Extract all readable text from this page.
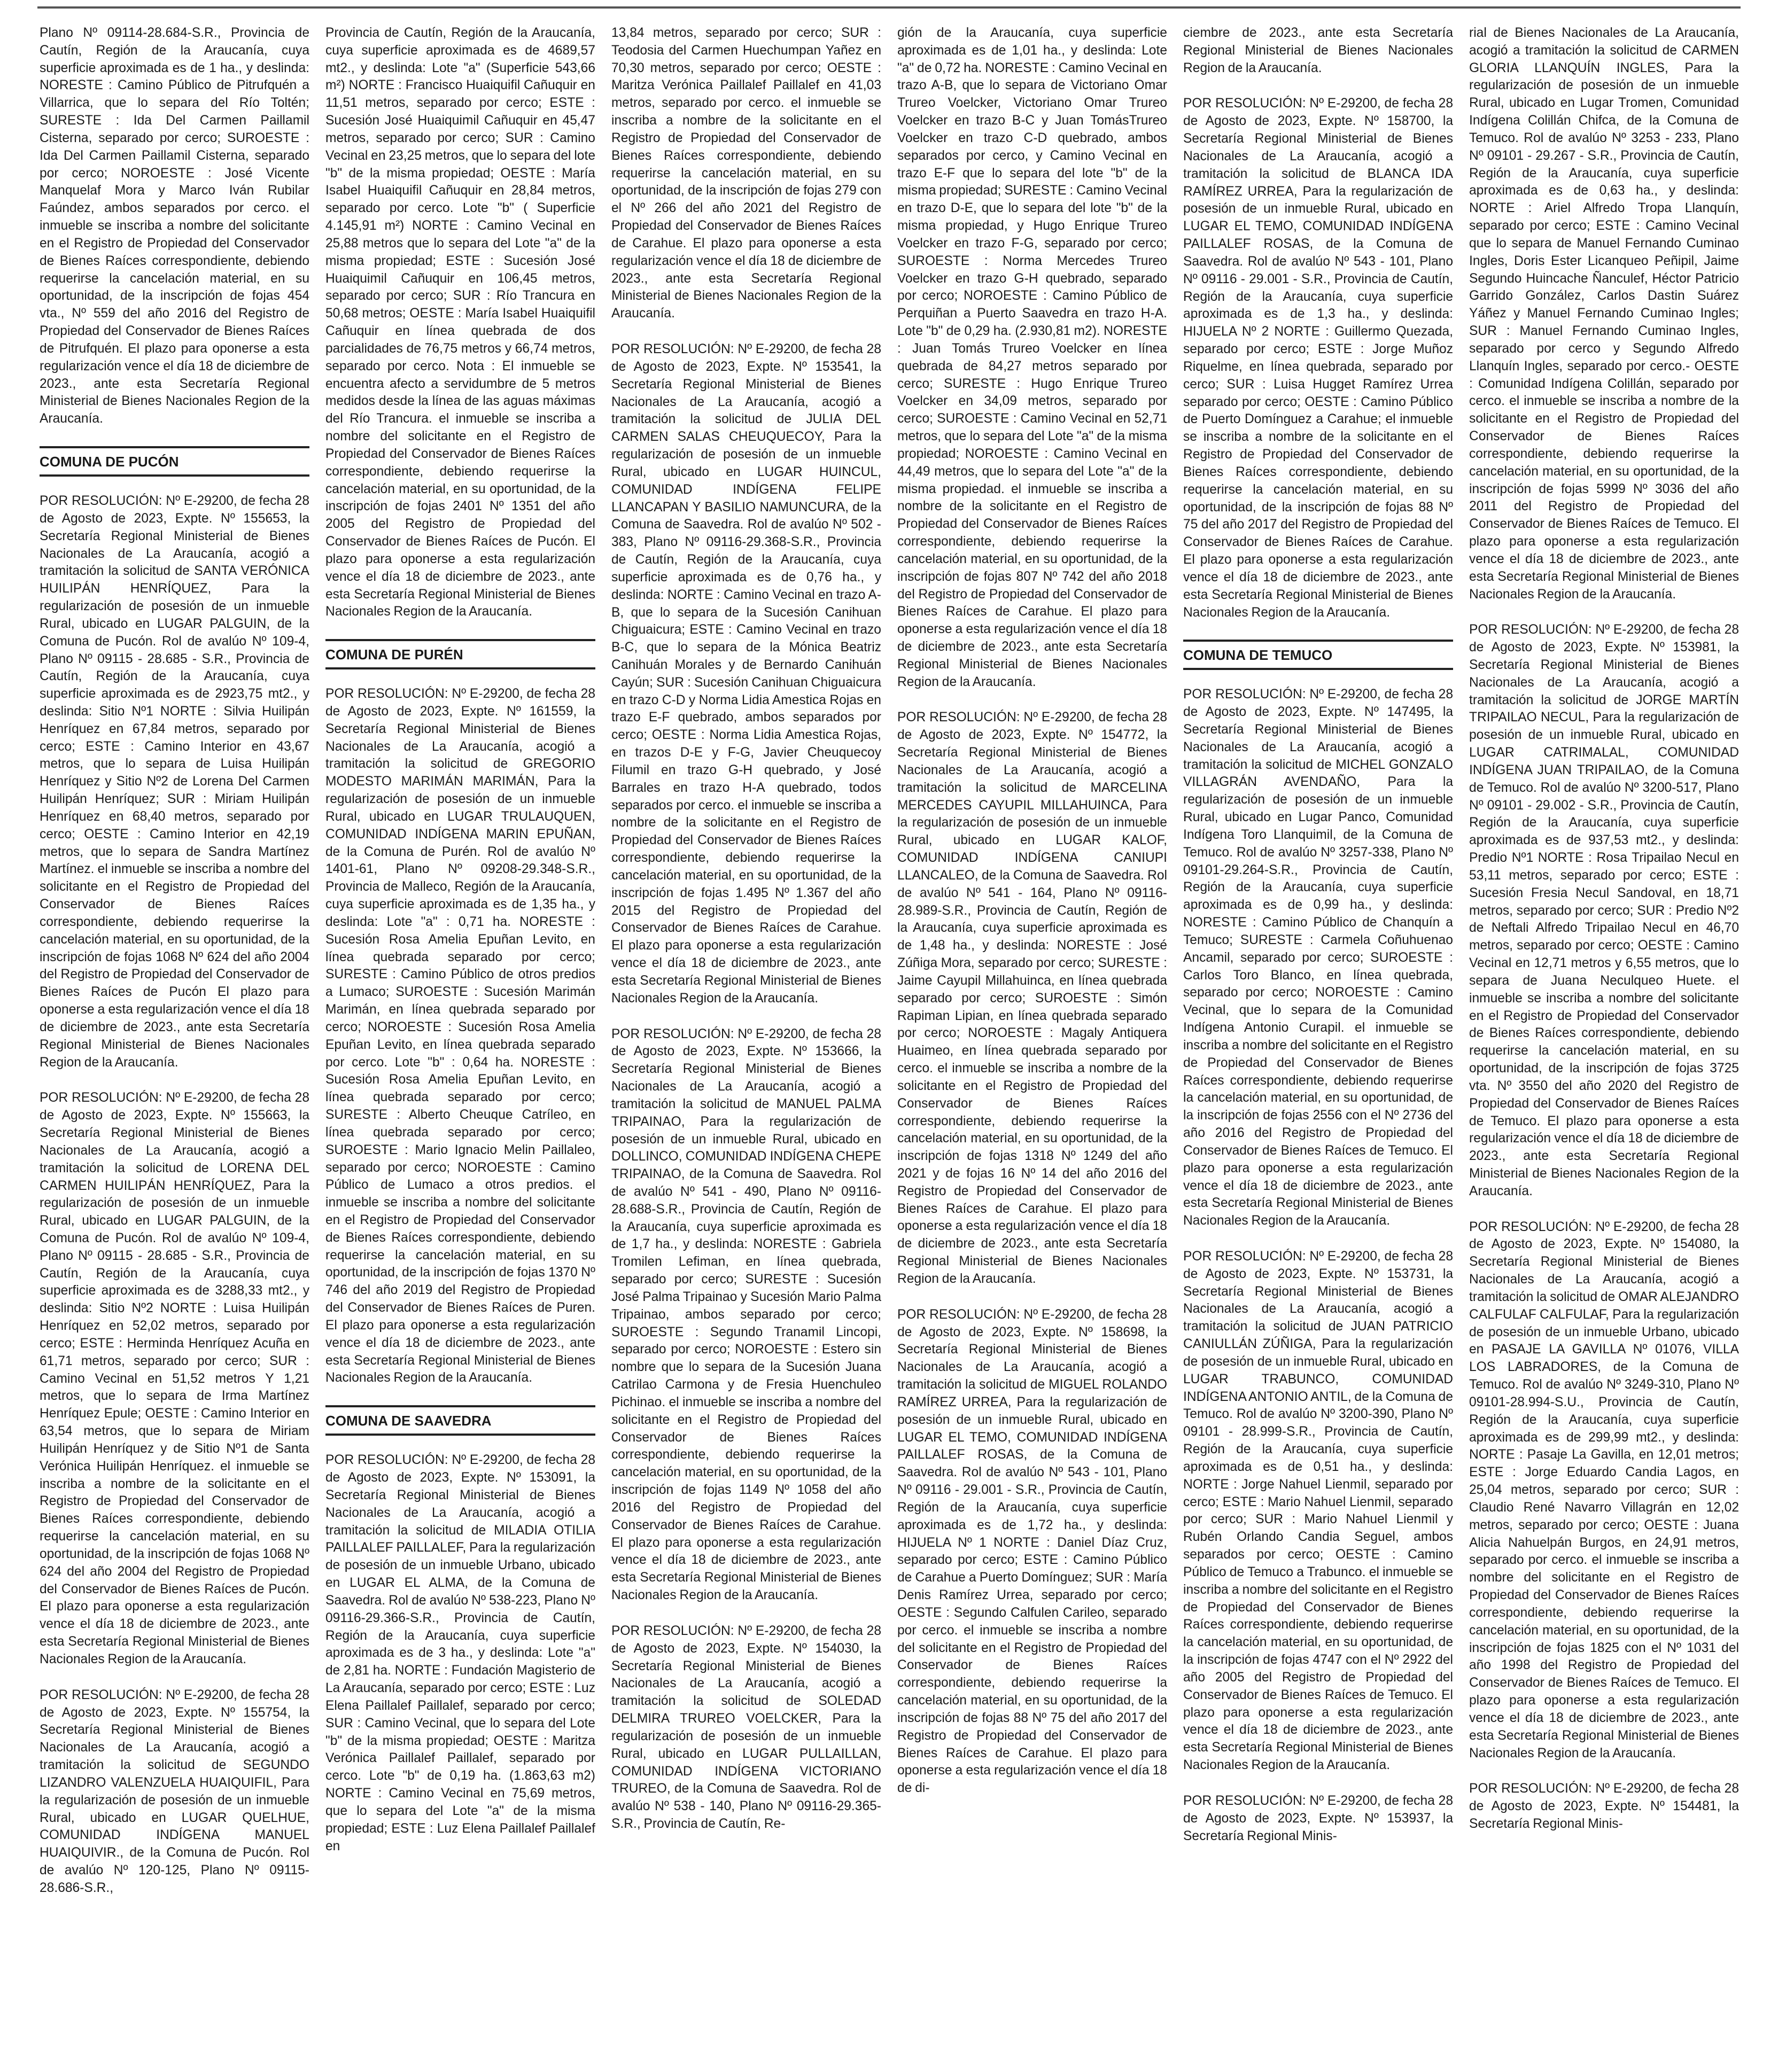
Plano Nº 09114-28.684-S.R., Provincia de Cautín, Región de la Araucanía, cuya superficie aproximada es de 1 ha., y deslinda: NORESTE : Camino Público de Pitrufquén a Villarrica, que lo separa del Río Toltén; SURESTE : Ida Del Carmen Paillamil Cisterna, separado por cerco; SUROESTE : Ida Del Carmen Paillamil Cisterna, separado por cerco; NOROESTE : José Vicente Manquelaf Mora y Marco Iván Rubilar Faúndez, ambos separados por cerco. el inmueble se inscriba a nombre del solicitante en el Registro de Propiedad del Conservador de Bienes Raíces correspondiente, debiendo requerirse la cancelación material, en su oportunidad, de la inscripción de fojas 454 vta., Nº 559 del año 2016 del Registro de Propiedad del Conservador de Bienes Raíces de Pitrufquén. El plazo para oponerse a esta regularización vence el día 18 de diciembre de 2023., ante esta Secretaría Regional Ministerial de Bienes Nacionales Region de la Araucanía.

COMUNA DE PUCÓN

POR RESOLUCIÓN: Nº E-29200, de fecha 28 de Agosto de 2023, Expte. Nº 155653, la Secretaría Regional Ministerial de Bienes Nacionales de La Araucanía, acogió a tramitación la solicitud de SANTA VERÓNICA HUILIPÁN HENRÍQUEZ, Para la regularización de posesión de un inmueble Rural, ubicado en LUGAR PALGUIN, de la Comuna de Pucón. Rol de avalúo Nº 109-4, Plano Nº 09115 - 28.685 - S.R., Provincia de Cautín, Región de la Araucanía, cuya superficie aproximada es de 2923,75 mt2., y deslinda: Sitio Nº1 NORTE : Silvia Huilipán Henríquez en 67,84 metros, separado por cerco; ESTE : Camino Interior en 43,67 metros, que lo separa de Luisa Huilipán Henríquez y Sitio Nº2 de Lorena Del Carmen Huilipán Henríquez; SUR : Miriam Huilipán Henríquez en 68,40 metros, separado por cerco; OESTE : Camino Interior en 42,19 metros, que lo separa de Sandra Martínez Martínez. el inmueble se inscriba a nombre del solicitante en el Registro de Propiedad del Conservador de Bienes Raíces correspondiente, debiendo requerirse la cancelación material, en su oportunidad, de la inscripción de fojas 1068 Nº 624 del año 2004 del Registro de Propiedad del Conservador de Bienes Raíces de Pucón El plazo para oponerse a esta regularización vence el día 18 de diciembre de 2023., ante esta Secretaría Regional Ministerial de Bienes Nacionales Region de la Araucanía.

POR RESOLUCIÓN: Nº E-29200, de fecha 28 de Agosto de 2023, Expte. Nº 155663, la Secretaría Regional Ministerial de Bienes Nacionales de La Araucanía, acogió a tramitación la solicitud de LORENA DEL CARMEN HUILIPÁN HENRÍQUEZ, Para la regularización de posesión de un inmueble Rural, ubicado en LUGAR PALGUIN, de la Comuna de Pucón. Rol de avalúo Nº 109-4, Plano Nº 09115 - 28.685 - S.R., Provincia de Cautín, Región de la Araucanía, cuya superficie aproximada es de 3288,33 mt2., y deslinda: Sitio Nº2 NORTE : Luisa Huilipán Henríquez en 52,02 metros, separado por cerco; ESTE : Herminda Henríquez Acuña en 61,71 metros, separado por cerco; SUR : Camino Vecinal en 51,52 metros Y 1,21 metros, que lo separa de Irma Martínez Henríquez Epule; OESTE : Camino Interior en 63,54 metros, que lo separa de Miriam Huilipán Henríquez y de Sitio Nº1 de Santa Verónica Huilipán Henríquez. el inmueble se inscriba a nombre de la solicitante en el Registro de Propiedad del Conservador de Bienes Raíces correspondiente, debiendo requerirse la cancelación material, en su oportunidad, de la inscripción de fojas 1068 Nº 624 del año 2004 del Registro de Propiedad del Conservador de Bienes Raíces de Pucón. El plazo para oponerse a esta regularización vence el día 18 de diciembre de 2023., ante esta Secretaría Regional Ministerial de Bienes Nacionales Region de la Araucanía.

POR RESOLUCIÓN: Nº E-29200, de fecha 28 de Agosto de 2023, Expte. Nº 155754, la Secretaría Regional Ministerial de Bienes Nacionales de La Araucanía, acogió a tramitación la solicitud de SEGUNDO LIZANDRO VALENZUELA HUAIQUIFIL, Para la regularización de posesión de un inmueble Rural, ubicado en LUGAR QUELHUE, COMUNIDAD INDÍGENA MANUEL HUAIQUIVIR., de la Comuna de Pucón. Rol de avalúo Nº 120-125, Plano Nº 09115- 28.686-S.R.,

Provincia de Cautín, Región de la Araucanía, cuya superficie aproximada es de 4689,57 mt2., y deslinda: Lote "a" (Superficie 543,66 m²) NORTE : Francisco Huaiquifil Cañuquir en 11,51 metros, separado por cerco; ESTE : Sucesión José Huaiquimil Cañuquir en 45,47 metros, separado por cerco; SUR : Camino Vecinal en 23,25 metros, que lo separa del lote "b" de la misma propiedad; OESTE : María Isabel Huaiquifil Cañuquir en 28,84 metros, separado por cerco. Lote "b" ( Superficie 4.145,91 m²) NORTE : Camino Vecinal en 25,88 metros que lo separa del Lote "a" de la misma propiedad; ESTE : Sucesión José Huaiquimil Cañuquir en 106,45 metros, separado por cerco; SUR : Río Trancura en 50,68 metros; OESTE : María Isabel Huaiquifil Cañuquir en línea quebrada de dos parcialidades de 76,75 metros y 66,74 metros, separado por cerco. Nota : El inmueble se encuentra afecto a servidumbre de 5 metros medidos desde la línea de las aguas máximas del Río Trancura. el inmueble se inscriba a nombre del solicitante en el Registro de Propiedad del Conservador de Bienes Raíces correspondiente, debiendo requerirse la cancelación material, en su oportunidad, de la inscripción de fojas 2401 Nº 1351 del año 2005 del Registro de Propiedad del Conservador de Bienes Raíces de Pucón. El plazo para oponerse a esta regularización vence el día 18 de diciembre de 2023., ante esta Secretaría Regional Ministerial de Bienes Nacionales Region de la Araucanía.

COMUNA DE PURÉN

POR RESOLUCIÓN: Nº E-29200, de fecha 28 de Agosto de 2023, Expte. Nº 161559, la Secretaría Regional Ministerial de Bienes Nacionales de La Araucanía, acogió a tramitación la solicitud de GREGORIO MODESTO MARIMÁN MARIMÁN, Para la regularización de posesión de un inmueble Rural, ubicado en LUGAR TRULAUQUEN, COMUNIDAD INDÍGENA MARIN EPUÑAN, de la Comuna de Purén. Rol de avalúo Nº 1401-61, Plano Nº 09208-29.348-S.R., Provincia de Malleco, Región de la Araucanía, cuya superficie aproximada es de 1,35 ha., y deslinda: Lote "a" : 0,71 ha. NORESTE : Sucesión Rosa Amelia Epuñan Levito, en línea quebrada separado por cerco; SURESTE : Camino Público de otros predios a Lumaco; SUROESTE : Sucesión Marimán Marimán, en línea quebrada separado por cerco; NOROESTE : Sucesión Rosa Amelia Epuñan Levito, en línea quebrada separado por cerco. Lote "b" : 0,64 ha. NORESTE : Sucesión Rosa Amelia Epuñan Levito, en línea quebrada separado por cerco; SURESTE : Alberto Cheuque Catríleo, en línea quebrada separado por cerco; SUROESTE : Mario Ignacio Melin Paillaleo, separado por cerco; NOROESTE : Camino Público de Lumaco a otros predios. el inmueble se inscriba a nombre del solicitante en el Registro de Propiedad del Conservador de Bienes Raíces correspondiente, debiendo requerirse la cancelación material, en su oportunidad, de la inscripción de fojas 1370 Nº 746 del año 2019 del Registro de Propiedad del Conservador de Bienes Raíces de Puren. El plazo para oponerse a esta regularización vence el día 18 de diciembre de 2023., ante esta Secretaría Regional Ministerial de Bienes Nacionales Region de la Araucanía.

COMUNA DE SAAVEDRA

POR RESOLUCIÓN: Nº E-29200, de fecha 28 de Agosto de 2023, Expte. Nº 153091, la Secretaría Regional Ministerial de Bienes Nacionales de La Araucanía, acogió a tramitación la solicitud de MILADIA OTILIA PAILLALEF PAILLALEF, Para la regularización de posesión de un inmueble Urbano, ubicado en LUGAR EL ALMA, de la Comuna de Saavedra. Rol de avalúo Nº 538-223, Plano Nº 09116-29.366-S.R., Provincia de Cautín, Región de la Araucanía, cuya superficie aproximada es de 3 ha., y deslinda: Lote "a" de 2,81 ha. NORTE : Fundación Magisterio de La Araucanía, separado por cerco; ESTE : Luz Elena Paillalef Paillalef, separado por cerco; SUR : Camino Vecinal, que lo separa del Lote "b" de la misma propiedad; OESTE : Maritza Verónica Paillalef Paillalef, separado por cerco. Lote "b" de 0,19 ha. (1.863,63 m2) NORTE : Camino Vecinal en 75,69 metros, que lo separa del Lote "a" de la misma propiedad; ESTE : Luz Elena Paillalef Paillalef en

13,84 metros, separado por cerco; SUR : Teodosia del Carmen Huechumpan Yañez en 70,30 metros, separado por cerco; OESTE : Maritza Verónica Paillalef Paillalef en 41,03 metros, separado por cerco. el inmueble se inscriba a nombre de la solicitante en el Registro de Propiedad del Conservador de Bienes Raíces correspondiente, debiendo requerirse la cancelación material, en su oportunidad, de la inscripción de fojas 279 con el Nº 266 del año 2021 del Registro de Propiedad del Conservador de Bienes Raíces de Carahue. El plazo para oponerse a esta regularización vence el día 18 de diciembre de 2023., ante esta Secretaría Regional Ministerial de Bienes Nacionales Region de la Araucanía.

POR RESOLUCIÓN: Nº E-29200, de fecha 28 de Agosto de 2023, Expte. Nº 153541, la Secretaría Regional Ministerial de Bienes Nacionales de La Araucanía, acogió a tramitación la solicitud de JULIA DEL CARMEN SALAS CHEUQUECOY, Para la regularización de posesión de un inmueble Rural, ubicado en LUGAR HUINCUL, COMUNIDAD INDÍGENA FELIPE LLANCAPAN Y BASILIO NAMUNCURA, de la Comuna de Saavedra. Rol de avalúo Nº 502 - 383, Plano Nº 09116-29.368-S.R., Provincia de Cautín, Región de la Araucanía, cuya superficie aproximada es de 0,76 ha., y deslinda: NORTE : Camino Vecinal en trazo A-B, que lo separa de la Sucesión Canihuan Chiguaicura; ESTE : Camino Vecinal en trazo B-C, que lo separa de la Mónica Beatriz Canihuán Morales y de Bernardo Canihuán Cayún; SUR : Sucesión Canihuan Chiguaicura en trazo C-D y Norma Lidia Amestica Rojas en trazo E-F quebrado, ambos separados por cerco; OESTE : Norma Lidia Amestica Rojas, en trazos D-E y F-G, Javier Cheuquecoy Filumil en trazo G-H quebrado, y José Barrales en trazo H-A quebrado, todos separados por cerco. el inmueble se inscriba a nombre de la solicitante en el Registro de Propiedad del Conservador de Bienes Raíces correspondiente, debiendo requerirse la cancelación material, en su oportunidad, de la inscripción de fojas 1.495 Nº 1.367 del año 2015 del Registro de Propiedad del Conservador de Bienes Raíces de Carahue. El plazo para oponerse a esta regularización vence el día 18 de diciembre de 2023., ante esta Secretaría Regional Ministerial de Bienes Nacionales Region de la Araucanía.

POR RESOLUCIÓN: Nº E-29200, de fecha 28 de Agosto de 2023, Expte. Nº 153666, la Secretaría Regional Ministerial de Bienes Nacionales de La Araucanía, acogió a tramitación la solicitud de MANUEL PALMA TRIPAINAO, Para la regularización de posesión de un inmueble Rural, ubicado en DOLLINCO, COMUNIDAD INDÍGENA CHEPE TRIPAINAO, de la Comuna de Saavedra. Rol de avalúo Nº 541 - 490, Plano Nº 09116-28.688-S.R., Provincia de Cautín, Región de la Araucanía, cuya superficie aproximada es de 1,7 ha., y deslinda: NORESTE : Gabriela Tromilen Lefiman, en línea quebrada, separado por cerco; SURESTE : Sucesión José Palma Tripainao y Sucesión Mario Palma Tripainao, ambos separado por cerco; SUROESTE : Segundo Tranamil Lincopi, separado por cerco; NOROESTE : Estero sin nombre que lo separa de la Sucesión Juana Catrilao Carmona y de Fresia Huenchuleo Pichinao. el inmueble se inscriba a nombre del solicitante en el Registro de Propiedad del Conservador de Bienes Raíces correspondiente, debiendo requerirse la cancelación material, en su oportunidad, de la inscripción de fojas 1149 Nº 1058 del año 2016 del Registro de Propiedad del Conservador de Bienes Raíces de Carahue. El plazo para oponerse a esta regularización vence el día 18 de diciembre de 2023., ante esta Secretaría Regional Ministerial de Bienes Nacionales Region de la Araucanía.

POR RESOLUCIÓN: Nº E-29200, de fecha 28 de Agosto de 2023, Expte. Nº 154030, la Secretaría Regional Ministerial de Bienes Nacionales de La Araucanía, acogió a tramitación la solicitud de SOLEDAD DELMIRA TRUREO VOELCKER, Para la regularización de posesión de un inmueble Rural, ubicado en LUGAR PULLAILLAN, COMUNIDAD INDÍGENA VICTORIANO TRUREO, de la Comuna de Saavedra. Rol de avalúo Nº 538 - 140, Plano Nº 09116-29.365-S.R., Provincia de Cautín, Re-

gión de la Araucanía, cuya superficie aproximada es de 1,01 ha., y deslinda: Lote "a" de 0,72 ha. NORESTE : Camino Vecinal en trazo A-B, que lo separa de Victoriano Omar Trureo Voelcker, Victoriano Omar Trureo Voelcker en trazo B-C y Juan TomásTrureo Voelcker en trazo C-D quebrado, ambos separados por cerco, y Camino Vecinal en trazo E-F que lo separa del lote "b" de la misma propiedad; SURESTE : Camino Vecinal en trazo D-E, que lo separa del lote "b" de la misma propiedad, y Hugo Enrique Trureo Voelcker en trazo F-G, separado por cerco; SUROESTE : Norma Mercedes Trureo Voelcker en trazo G-H quebrado, separado por cerco; NOROESTE : Camino Público de Perquiñan a Puerto Saavedra en trazo H-A. Lote "b" de 0,29 ha. (2.930,81 m2). NORESTE : Juan Tomás Trureo Voelcker en línea quebrada de 84,27 metros separado por cerco; SURESTE : Hugo Enrique Trureo Voelcker en 34,09 metros, separado por cerco; SUROESTE : Camino Vecinal en 52,71 metros, que lo separa del Lote "a" de la misma propiedad; NOROESTE : Camino Vecinal en 44,49 metros, que lo separa del Lote "a" de la misma propiedad. el inmueble se inscriba a nombre de la solicitante en el Registro de Propiedad del Conservador de Bienes Raíces correspondiente, debiendo requerirse la cancelación material, en su oportunidad, de la inscripción de fojas 807 Nº 742 del año 2018 del Registro de Propiedad del Conservador de Bienes Raíces de Carahue. El plazo para oponerse a esta regularización vence el día 18 de diciembre de 2023., ante esta Secretaría Regional Ministerial de Bienes Nacionales Region de la Araucanía.

POR RESOLUCIÓN: Nº E-29200, de fecha 28 de Agosto de 2023, Expte. Nº 154772, la Secretaría Regional Ministerial de Bienes Nacionales de La Araucanía, acogió a tramitación la solicitud de MARCELINA MERCEDES CAYUPIL MILLAHUINCA, Para la regularización de posesión de un inmueble Rural, ubicado en LUGAR KALOF, COMUNIDAD INDÍGENA CANIUPI LLANCALEO, de la Comuna de Saavedra. Rol de avalúo Nº 541 - 164, Plano Nº 09116-28.989-S.R., Provincia de Cautín, Región de la Araucanía, cuya superficie aproximada es de 1,48 ha., y deslinda: NORESTE : José Zúñiga Mora, separado por cerco; SURESTE : Jaime Cayupil Millahuinca, en línea quebrada separado por cerco; SUROESTE : Simón Rapiman Lipian, en línea quebrada separado por cerco; NOROESTE : Magaly Antiquera Huaimeo, en línea quebrada separado por cerco. el inmueble se inscriba a nombre de la solicitante en el Registro de Propiedad del Conservador de Bienes Raíces correspondiente, debiendo requerirse la cancelación material, en su oportunidad, de la inscripción de fojas 1318 Nº 1249 del año 2021 y de fojas 16 Nº 14 del año 2016 del Registro de Propiedad del Conservador de Bienes Raíces de Carahue. El plazo para oponerse a esta regularización vence el día 18 de diciembre de 2023., ante esta Secretaría Regional Ministerial de Bienes Nacionales Region de la Araucanía.

POR RESOLUCIÓN: Nº E-29200, de fecha 28 de Agosto de 2023, Expte. Nº 158698, la Secretaría Regional Ministerial de Bienes Nacionales de La Araucanía, acogió a tramitación la solicitud de MIGUEL ROLANDO RAMÍREZ URREA, Para la regularización de posesión de un inmueble Rural, ubicado en LUGAR EL TEMO, COMUNIDAD INDÍGENA PAILLALEF ROSAS, de la Comuna de Saavedra. Rol de avalúo Nº 543 - 101, Plano Nº 09116 - 29.001 - S.R., Provincia de Cautín, Región de la Araucanía, cuya superficie aproximada es de 1,72 ha., y deslinda: HIJUELA Nº 1 NORTE : Daniel Díaz Cruz, separado por cerco; ESTE : Camino Público de Carahue a Puerto Domínguez; SUR : María Denis Ramírez Urrea, separado por cerco; OESTE : Segundo Calfulen Carileo, separado por cerco. el inmueble se inscriba a nombre del solicitante en el Registro de Propiedad del Conservador de Bienes Raíces correspondiente, debiendo requerirse la cancelación material, en su oportunidad, de la inscripción de fojas 88 Nº 75 del año 2017 del Registro de Propiedad del Conservador de Bienes Raíces de Carahue. El plazo para oponerse a esta regularización vence el día 18 de di-

ciembre de 2023., ante esta Secretaría Regional Ministerial de Bienes Nacionales Region de la Araucanía.

POR RESOLUCIÓN: Nº E-29200, de fecha 28 de Agosto de 2023, Expte. Nº 158700, la Secretaría Regional Ministerial de Bienes Nacionales de La Araucanía, acogió a tramitación la solicitud de BLANCA IDA RAMÍREZ URREA, Para la regularización de posesión de un inmueble Rural, ubicado en LUGAR EL TEMO, COMUNIDAD INDÍGENA PAILLALEF ROSAS, de la Comuna de Saavedra. Rol de avalúo Nº 543 - 101, Plano Nº 09116 - 29.001 - S.R., Provincia de Cautín, Región de la Araucanía, cuya superficie aproximada es de 1,3 ha., y deslinda: HIJUELA Nº 2 NORTE : Guillermo Quezada, separado por cerco; ESTE : Jorge Muñoz Riquelme, en línea quebrada, separado por cerco; SUR : Luisa Hugget Ramírez Urrea separado por cerco; OESTE : Camino Público de Puerto Domínguez a Carahue; el inmueble se inscriba a nombre de la solicitante en el Registro de Propiedad del Conservador de Bienes Raíces correspondiente, debiendo requerirse la cancelación material, en su oportunidad, de la inscripción de fojas 88 Nº 75 del año 2017 del Registro de Propiedad del Conservador de Bienes Raíces de Carahue. El plazo para oponerse a esta regularización vence el día 18 de diciembre de 2023., ante esta Secretaría Regional Ministerial de Bienes Nacionales Region de la Araucanía.

COMUNA DE TEMUCO

POR RESOLUCIÓN: Nº E-29200, de fecha 28 de Agosto de 2023, Expte. Nº 147495, la Secretaría Regional Ministerial de Bienes Nacionales de La Araucanía, acogió a tramitación la solicitud de MICHEL GONZALO VILLAGRÁN AVENDAÑO, Para la regularización de posesión de un inmueble Rural, ubicado en Lugar Panco, Comunidad Indígena Toro Llanquimil, de la Comuna de Temuco. Rol de avalúo Nº 3257-338, Plano Nº 09101-29.264-S.R., Provincia de Cautín, Región de la Araucanía, cuya superficie aproximada es de 0,99 ha., y deslinda: NORESTE : Camino Público de Chanquín a Temuco; SURESTE : Carmela Coñuhuenao Ancamil, separado por cerco; SUROESTE : Carlos Toro Blanco, en línea quebrada, separado por cerco; NOROESTE : Camino Vecinal, que lo separa de la Comunidad Indígena Antonio Curapil. el inmueble se inscriba a nombre del solicitante en el Registro de Propiedad del Conservador de Bienes Raíces correspondiente, debiendo requerirse la cancelación material, en su oportunidad, de la inscripción de fojas 2556 con el Nº 2736 del año 2016 del Registro de Propiedad del Conservador de Bienes Raíces de Temuco. El plazo para oponerse a esta regularización vence el día 18 de diciembre de 2023., ante esta Secretaría Regional Ministerial de Bienes Nacionales Region de la Araucanía.

POR RESOLUCIÓN: Nº E-29200, de fecha 28 de Agosto de 2023, Expte. Nº 153731, la Secretaría Regional Ministerial de Bienes Nacionales de La Araucanía, acogió a tramitación la solicitud de JUAN PATRICIO CANIULLÁN ZÚÑIGA, Para la regularización de posesión de un inmueble Rural, ubicado en LUGAR TRABUNCO, COMUNIDAD INDÍGENA ANTONIO ANTIL, de la Comuna de Temuco. Rol de avalúo Nº 3200-390, Plano Nº 09101 - 28.999-S.R., Provincia de Cautín, Región de la Araucanía, cuya superficie aproximada es de 0,51 ha., y deslinda: NORTE : Jorge Nahuel Lienmil, separado por cerco; ESTE : Mario Nahuel Lienmil, separado por cerco; SUR : Mario Nahuel Lienmil y Rubén Orlando Candia Seguel, ambos separados por cerco; OESTE : Camino Público de Temuco a Trabunco. el inmueble se inscriba a nombre del solicitante en el Registro de Propiedad del Conservador de Bienes Raíces correspondiente, debiendo requerirse la cancelación material, en su oportunidad, de la inscripción de fojas 4747 con el Nº 2922 del año 2005 del Registro de Propiedad del Conservador de Bienes Raíces de Temuco. El plazo para oponerse a esta regularización vence el día 18 de diciembre de 2023., ante esta Secretaría Regional Ministerial de Bienes Nacionales Region de la Araucanía.

POR RESOLUCIÓN: Nº E-29200, de fecha 28 de Agosto de 2023, Expte. Nº 153937, la Secretaría Regional Minis-

rial de Bienes Nacionales de La Araucanía, acogió a tramitación la solicitud de CARMEN GLORIA LLANQUÍN INGLES, Para la regularización de posesión de un inmueble Rural, ubicado en Lugar Tromen, Comunidad Indígena Colillán Chifca, de la Comuna de Temuco. Rol de avalúo Nº 3253 - 233, Plano Nº 09101 - 29.267 - S.R., Provincia de Cautín, Región de la Araucanía, cuya superficie aproximada es de 0,63 ha., y deslinda: NORTE : Ariel Alfredo Tropa Llanquín, separado por cerco; ESTE : Camino Vecinal que lo separa de Manuel Fernando Cuminao Ingles, Doris Ester Licanqueo Peñipil, Jaime Segundo Huincache Ñanculef, Héctor Patricio Garrido González, Carlos Dastin Suárez Yáñez y Manuel Fernando Cuminao Ingles; SUR : Manuel Fernando Cuminao Ingles, separado por cerco y Segundo Alfredo Llanquín Ingles, separado por cerco.- OESTE : Comunidad Indígena Colillán, separado por cerco. el inmueble se inscriba a nombre de la solicitante en el Registro de Propiedad del Conservador de Bienes Raíces correspondiente, debiendo requerirse la cancelación material, en su oportunidad, de la inscripción de fojas 5999 Nº 3036 del año 2011 del Registro de Propiedad del Conservador de Bienes Raíces de Temuco. El plazo para oponerse a esta regularización vence el día 18 de diciembre de 2023., ante esta Secretaría Regional Ministerial de Bienes Nacionales Region de la Araucanía.

POR RESOLUCIÓN: Nº E-29200, de fecha 28 de Agosto de 2023, Expte. Nº 153981, la Secretaría Regional Ministerial de Bienes Nacionales de La Araucanía, acogió a tramitación la solicitud de JORGE MARTÍN TRIPAILAO NECUL, Para la regularización de posesión de un inmueble Rural, ubicado en LUGAR CATRIMALAL, COMUNIDAD INDÍGENA JUAN TRIPAILAO, de la Comuna de Temuco. Rol de avalúo Nº 3200-517, Plano Nº 09101 - 29.002 - S.R., Provincia de Cautín, Región de la Araucanía, cuya superficie aproximada es de 937,53 mt2., y deslinda: Predio Nº1 NORTE : Rosa Tripailao Necul en 53,11 metros, separado por cerco; ESTE : Sucesión Fresia Necul Sandoval, en 18,71 metros, separado por cerco; SUR : Predio Nº2 de Neftali Alfredo Tripailao Necul en 46,70 metros, separado por cerco; OESTE : Camino Vecinal en 12,71 metros y 6,55 metros, que lo separa de Juana Neculqueo Huete. el inmueble se inscriba a nombre del solicitante en el Registro de Propiedad del Conservador de Bienes Raíces correspondiente, debiendo requerirse la cancelación material, en su oportunidad, de la inscripción de fojas 3725 vta. Nº 3550 del año 2020 del Registro de Propiedad del Conservador de Bienes Raíces de Temuco. El plazo para oponerse a esta regularización vence el día 18 de diciembre de 2023., ante esta Secretaría Regional Ministerial de Bienes Nacionales Region de la Araucanía.

POR RESOLUCIÓN: Nº E-29200, de fecha 28 de Agosto de 2023, Expte. Nº 154080, la Secretaría Regional Ministerial de Bienes Nacionales de La Araucanía, acogió a tramitación la solicitud de OMAR ALEJANDRO CALFULAF CALFULAF, Para la regularización de posesión de un inmueble Urbano, ubicado en PASAJE LA GAVILLA Nº 01076, VILLA LOS LABRADORES, de la Comuna de Temuco. Rol de avalúo Nº 3249-310, Plano Nº 09101-28.994-S.U., Provincia de Cautín, Región de la Araucanía, cuya superficie aproximada es de 299,99 mt2., y deslinda: NORTE : Pasaje La Gavilla, en 12,01 metros; ESTE : Jorge Eduardo Candia Lagos, en 25,04 metros, separado por cerco; SUR : Claudio René Navarro Villagrán en 12,02 metros, separado por cerco; OESTE : Juana Alicia Nahuelpán Burgos, en 24,91 metros, separado por cerco. el inmueble se inscriba a nombre del solicitante en el Registro de Propiedad del Conservador de Bienes Raíces correspondiente, debiendo requerirse la cancelación material, en su oportunidad, de la inscripción de fojas 1825 con el Nº 1031 del año 1998 del Registro de Propiedad del Conservador de Bienes Raíces de Temuco. El plazo para oponerse a esta regularización vence el día 18 de diciembre de 2023., ante esta Secretaría Regional Ministerial de Bienes Nacionales Region de la Araucanía.

POR RESOLUCIÓN: Nº E-29200, de fecha 28 de Agosto de 2023, Expte. Nº 154481, la Secretaría Regional Minis-
